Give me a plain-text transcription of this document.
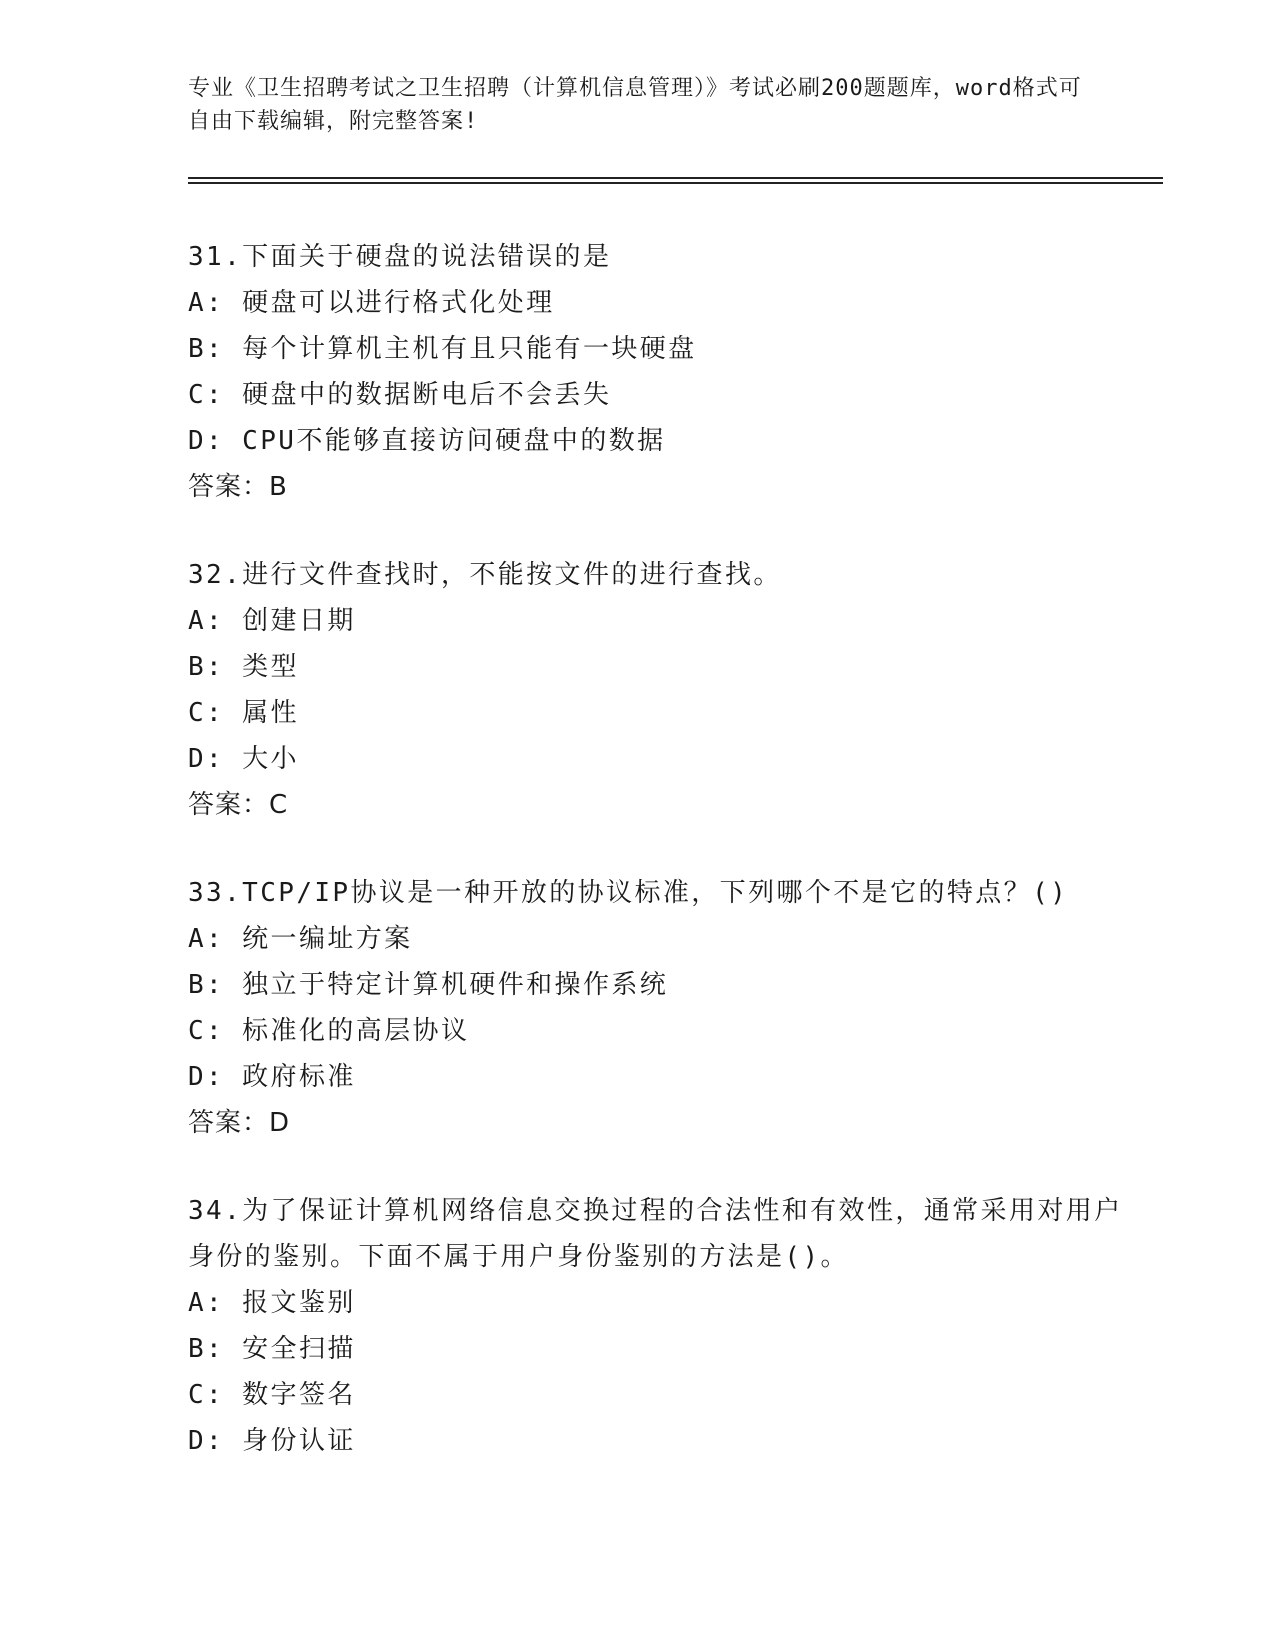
专业《卫生招聘考试之卫生招聘（计算机信息管理）》考试必刷200题题库，word格式可自由下载编辑，附完整答案!
31.下面关于硬盘的说法错误的是
A: 硬盘可以进行格式化处理
B: 每个计算机主机有且只能有一块硬盘
C: 硬盘中的数据断电后不会丢失
D: CPU不能够直接访问硬盘中的数据
答案：B
32.进行文件查找时，不能按文件的进行查找。
A: 创建日期
B: 类型
C: 属性
D: 大小
答案：C
33.TCP/IP协议是一种开放的协议标准，下列哪个不是它的特点？()
A: 统一编址方案
B: 独立于特定计算机硬件和操作系统
C: 标准化的高层协议
D: 政府标准
答案：D
34.为了保证计算机网络信息交换过程的合法性和有效性，通常采用对用户身份的鉴别。下面不属于用户身份鉴别的方法是()。
A: 报文鉴别
B: 安全扫描
C: 数字签名
D: 身份认证
